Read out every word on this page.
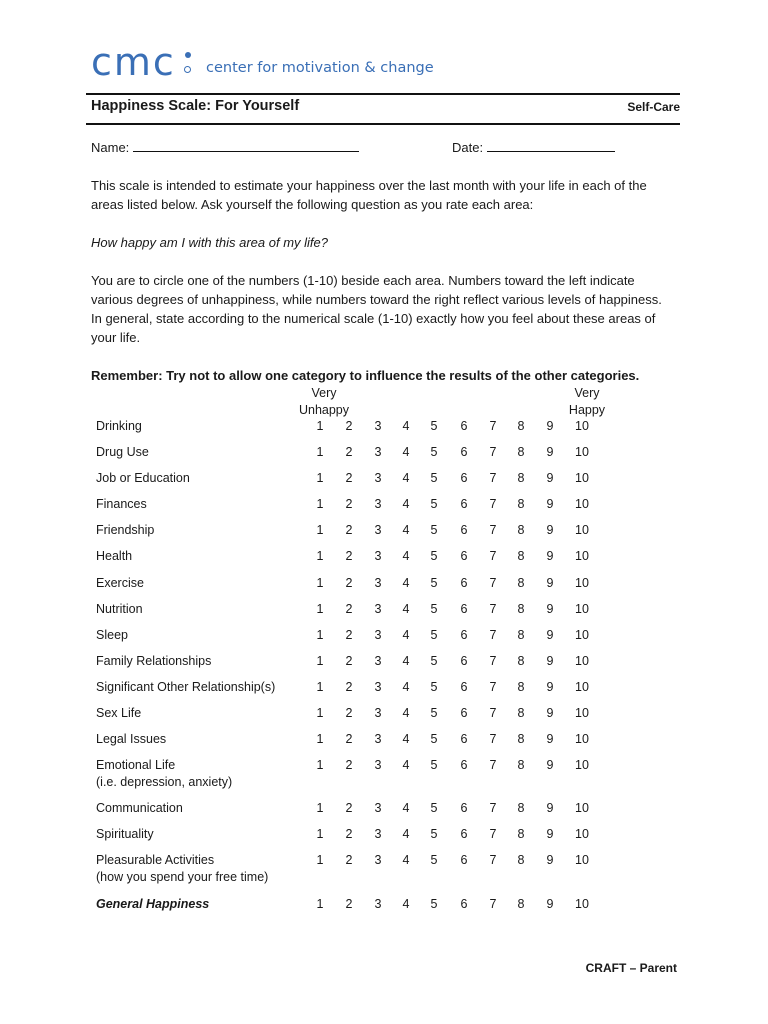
cmc center for motivation & change
Happiness Scale: For Yourself	Self-Care
Name:	Date:

This scale is intended to estimate your happiness over the last month with your life in each of the areas listed below. Ask yourself the following question as you rate each area:

How happy am I with this area of my life?

You are to circle one of the numbers (1-10) beside each area. Numbers toward the left indicate various degrees of unhappiness, while numbers toward the right reflect various levels of happiness. In general, state according to the numerical scale (1-10) exactly how you feel about these areas of your life.

Remember: Try not to allow one category to influence the results of the other categories.

Very
Unhappy
Very
Happy
Drinking	1	2	3	4	5	6	7	8	9	10
Drug Use	1	2	3	4	5	6	7	8	9	10
Job or Education	1	2	3	4	5	6	7	8	9	10
Finances	1	2	3	4	5	6	7	8	9	10
Friendship	1	2	3	4	5	6	7	8	9	10
Health	1	2	3	4	5	6	7	8	9	10
Exercise	1	2	3	4	5	6	7	8	9	10
Nutrition	1	2	3	4	5	6	7	8	9	10
Sleep	1	2	3	4	5	6	7	8	9	10
Family Relationships	1	2	3	4	5	6	7	8	9	10
Significant Other Relationship(s)	1	2	3	4	5	6	7	8	9	10
Sex Life	1	2	3	4	5	6	7	8	9	10
Legal Issues	1	2	3	4	5	6	7	8	9	10
Emotional Life
(i.e. depression, anxiety)
1	2	3	4	5	6	7	8	9	10
Communication	1	2	3	4	5	6	7	8	9	10
Spirituality	1	2	3	4	5	6	7	8	9	10
Pleasurable Activities
(how you spend your free time)
1	2	3	4	5	6	7	8	9	10
General Happiness	1	2	3	4	5	6	7	8	9	10
CRAFT – Parent
